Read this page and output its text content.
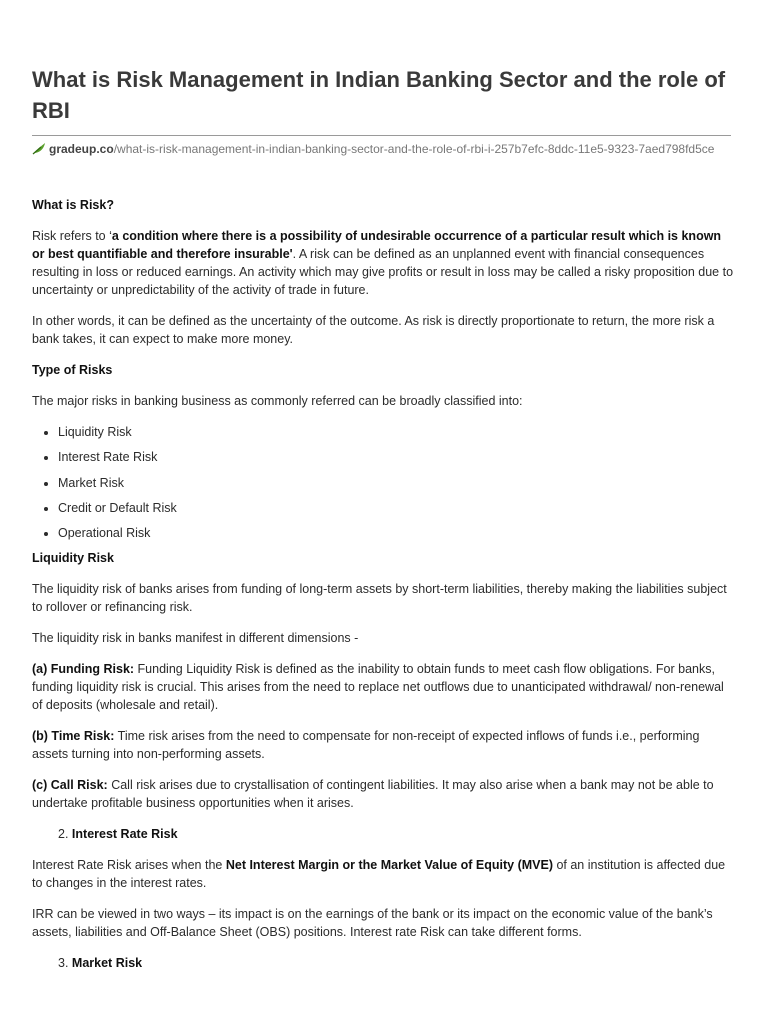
What is Risk Management in Indian Banking Sector and the role of RBI
gradeup.co/what-is-risk-management-in-indian-banking-sector-and-the-role-of-rbi-i-257b7efc-8ddc-11e5-9323-7aed798fd5ce

What is Risk?

Risk refers to ‘a condition where there is a possibility of undesirable occurrence of a particular result which is known or best quantifiable and therefore insurable'. A risk can be defined as an unplanned event with financial consequences resulting in loss or reduced earnings. An activity which may give profits or result in loss may be called a risky proposition due to uncertainty or unpredictability of the activity of trade in future.

In other words, it can be defined as the uncertainty of the outcome. As risk is directly proportionate to return, the more risk a bank takes, it can expect to make more money.

Type of Risks

The major risks in banking business as commonly referred can be broadly classified into:

• Liquidity Risk
• Interest Rate Risk
• Market Risk
• Credit or Default Risk
• Operational Risk

Liquidity Risk

The liquidity risk of banks arises from funding of long-term assets by short-term liabilities, thereby making the liabilities subject to rollover or refinancing risk.

The liquidity risk in banks manifest in different dimensions -

(a) Funding Risk: Funding Liquidity Risk is defined as the inability to obtain funds to meet cash flow obligations. For banks, funding liquidity risk is crucial. This arises from the need to replace net outflows due to unanticipated withdrawal/ non-renewal of deposits (wholesale and retail).

(b) Time Risk: Time risk arises from the need to compensate for non-receipt of expected inflows of funds i.e., performing assets turning into non-performing assets.

(c) Call Risk: Call risk arises due to crystallisation of contingent liabilities. It may also arise when a bank may not be able to undertake profitable business opportunities when it arises.

2. Interest Rate Risk

Interest Rate Risk arises when the Net Interest Margin or the Market Value of Equity (MVE) of an institution is affected due to changes in the interest rates.

IRR can be viewed in two ways – its impact is on the earnings of the bank or its impact on the economic value of the bank’s assets, liabilities and Off-Balance Sheet (OBS) positions. Interest rate Risk can take different forms.

3. Market Risk
